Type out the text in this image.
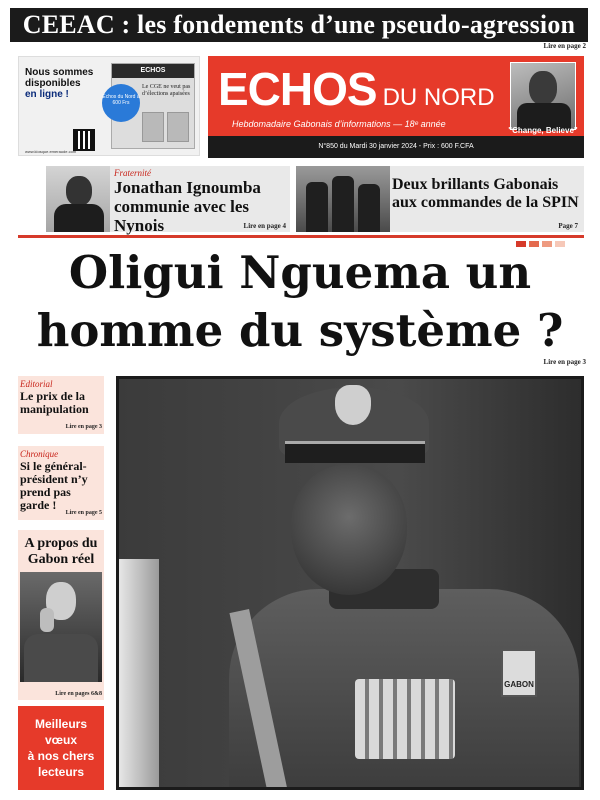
CEEAC : les fondements d’une pseudo-agression
Lire en page 2
Nous sommes
disponibles
en ligne !
www.kiosque.emeraude.com
ECHOS
Echos du Nord à 600 Frs
Le CGE ne veut pas d’élections apaisées ECHOS DU NORD
Hebdomadaire Gabonais d’informations — 18ᵉ année
"Change, Believe"
N°850 du Mardi 30 janvier 2024 - Prix : 600 F.CFA
Fraternité
Jonathan Ignoumba communie avec les Nynois	Lire en page 4
Deux brillants Gabonais aux commandes de la SPIN
Page 7
Oligui Nguema un
homme du système ?
Lire en page 3
Editorial
Le prix de la manipulation
Lire en page 3
Chronique
Si le général-président n’y prend pas garde !
Lire en page 5
A propos du Gabon réel
Lire en pages 6&8
Meilleurs
vœux
à nos chers
lecteurs
GABON
